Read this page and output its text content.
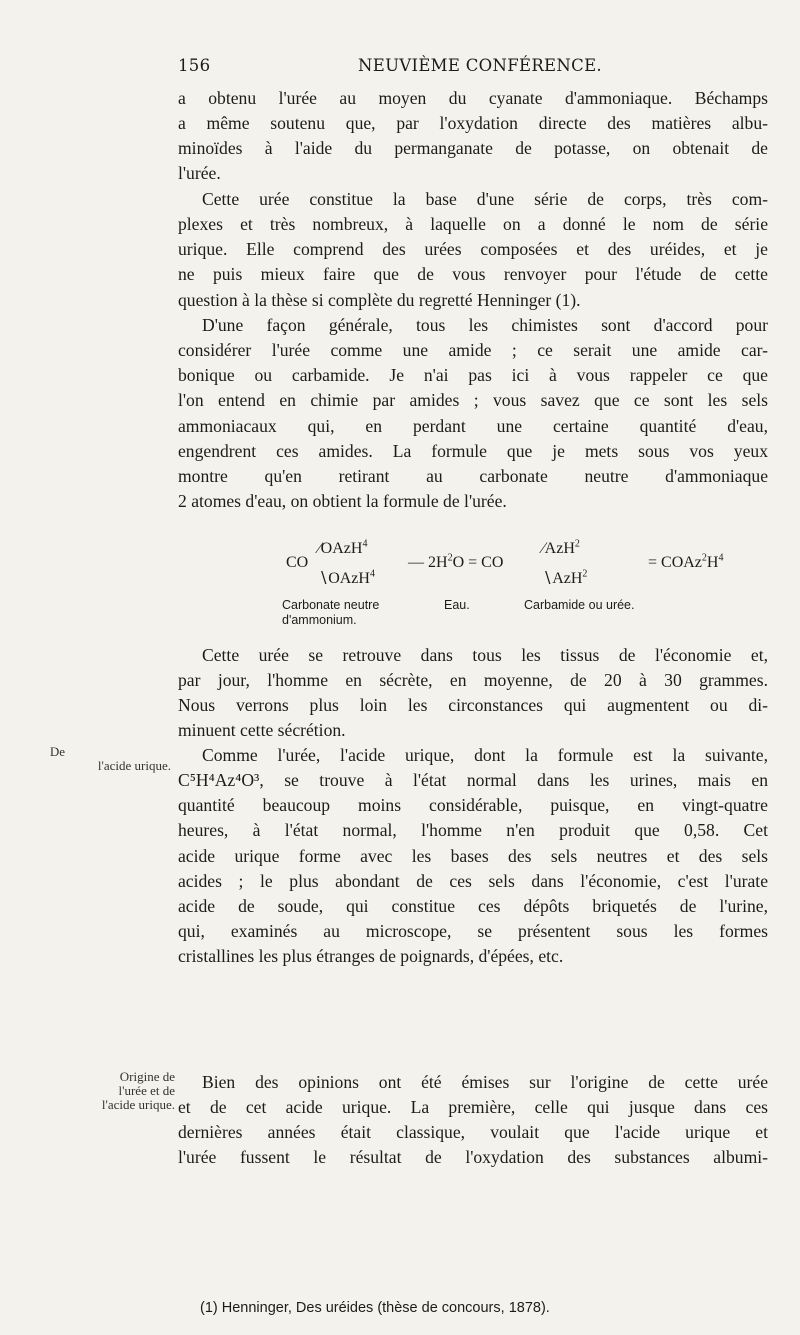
156	NEUVIÈME CONFÉRENCE.
a obtenu l'urée au moyen du cyanate d'ammoniaque. Béchamps
a même soutenu que, par l'oxydation directe des matières albu-
minoïdes à l'aide du permanganate de potasse, on obtenait de
l'urée.
Cette urée constitue la base d'une série de corps, très com-
plexes et très nombreux, à laquelle on a donné le nom de série
urique. Elle comprend des urées composées et des uréides, et je
ne puis mieux faire que de vous renvoyer pour l'étude de cette
question à la thèse si complète du regretté Henninger (1).
D'une façon générale, tous les chimistes sont d'accord pour
considérer l'urée comme une amide ; ce serait une amide car-
bonique ou carbamide. Je n'ai pas ici à vous rappeler ce que
l'on entend en chimie par amides ; vous savez que ce sont les sels
ammoniacaux qui, en perdant une certaine quantité d'eau,
engendrent ces amides. La formule que je mets sous vos yeux
montre qu'en retirant au carbonate neutre d'ammoniaque
2 atomes d'eau, on obtient la formule de l'urée.
⁄OAzH$^4$
CO
∖OAzH$^4$
— $2H^2O$ = CO
⁄AzH$^2$
∖AzH$^2$
= $COAz^2H^4$
Carbonate neutre
d'ammonium.
Eau.	Carbamide ou urée.
Cette urée se retrouve dans tous les tissus de l'économie et,
par jour, l'homme en sécrète, en moyenne, de 20 à 30 grammes.
Nous verrons plus loin les circonstances qui augmentent ou di-
minuent cette sécrétion.
De
l'acide urique.
Comme l'urée, l'acide urique, dont la formule est la suivante,
C⁵H⁴Az⁴O³, se trouve à l'état normal dans les urines, mais en
quantité beaucoup moins considérable, puisque, en vingt-quatre
heures, à l'état normal, l'homme n'en produit que 0,58. Cet
acide urique forme avec les bases des sels neutres et des sels
acides ; le plus abondant de ces sels dans l'économie, c'est l'urate
acide de soude, qui constitue ces dépôts briquetés de l'urine,
qui, examinés au microscope, se présentent sous les formes
cristallines les plus étranges de poignards, d'épées, etc.
Origine de
l'urée et de
l'acide urique.
Bien des opinions ont été émises sur l'origine de cette urée
et de cet acide urique. La première, celle qui jusque dans ces
dernières années était classique, voulait que l'acide urique et
l'urée fussent le résultat de l'oxydation des substances albumi-
(1) Henninger, Des uréides (thèse de concours, 1878).
